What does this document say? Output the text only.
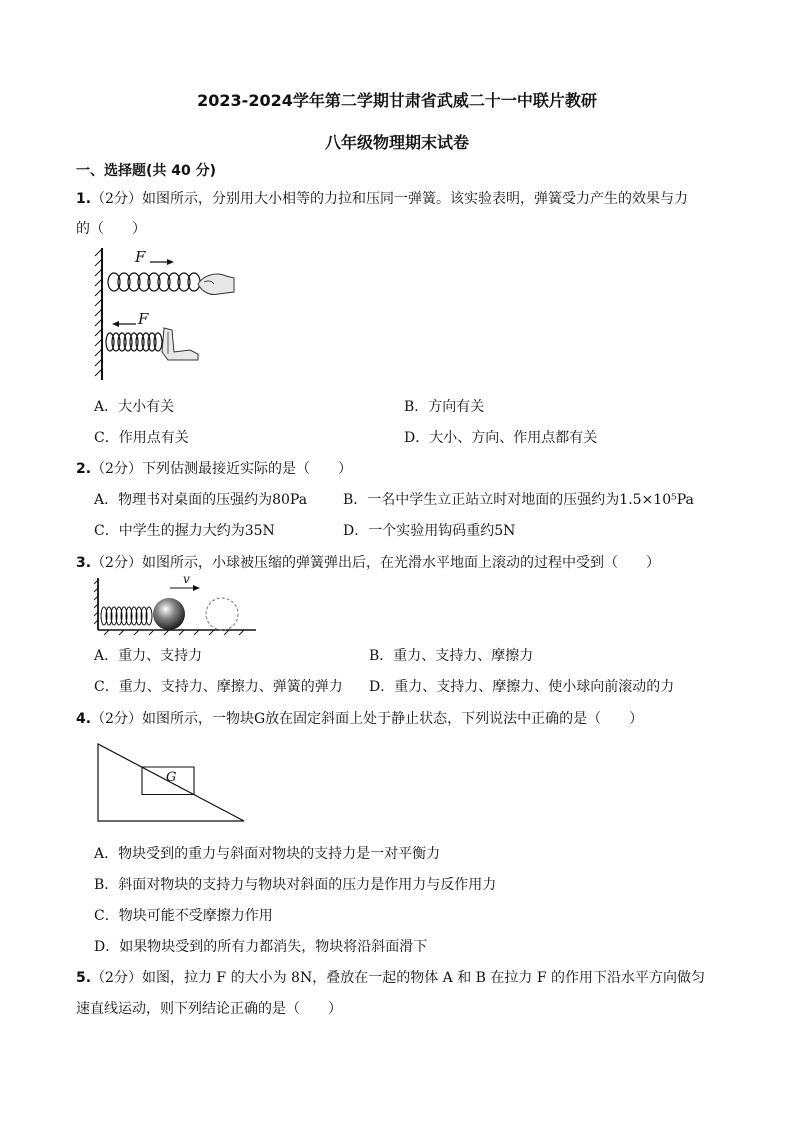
2023-2024学年第二学期甘肃省武威二十一中联片教研
八年级物理期末试卷
一、选择题(共 40 分)
1.（2分）如图所示，分别用大小相等的力拉和压同一弹簧。该实验表明，弹簧受力产生的效果与力
的（　　）
F
F
A．大小有关	B．方向有关
C．作用点有关	D．大小、方向、作用点都有关
2.（2分）下列估测最接近实际的是（　　）
A．物理书对桌面的压强约为80Pa	B．一名中学生立正站立时对地面的压强约为1.5×10⁵Pa
C．中学生的握力大约为35N	D．一个实验用钩码重约5N
3.（2分）如图所示，小球被压缩的弹簧弹出后，在光滑水平地面上滚动的过程中受到（　　）
v
A．重力、支持力	B．重力、支持力、摩擦力
C．重力、支持力、摩擦力、弹簧的弹力 D．重力、支持力、摩擦力、使小球向前滚动的力
4.（2分）如图所示，一物块G放在固定斜面上处于静止状态，下列说法中正确的是（　　）
G
A．物块受到的重力与斜面对物块的支持力是一对平衡力
B．斜面对物块的支持力与物块对斜面的压力是作用力与反作用力
C．物块可能不受摩擦力作用
D．如果物块受到的所有力都消失，物块将沿斜面滑下
5.（2分）如图，拉力 F 的大小为 8N，叠放在一起的物体 A 和 B 在拉力 F 的作用下沿水平方向做匀
速直线运动，则下列结论正确的是（　　）
